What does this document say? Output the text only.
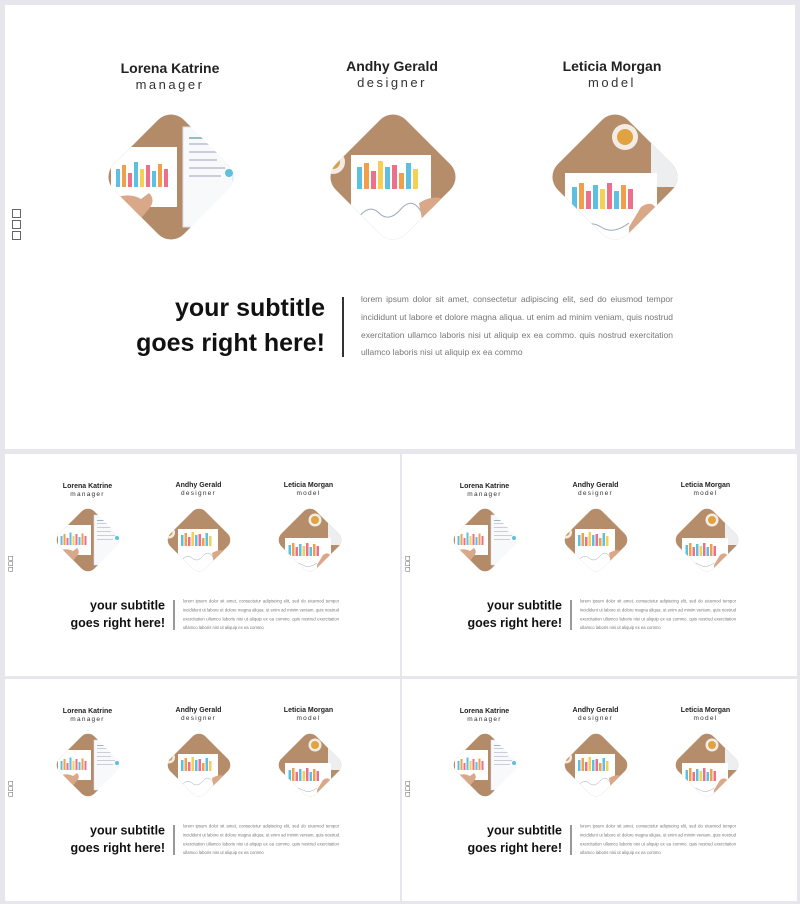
Lorena Katrine
manager
Andhy Gerald
designer
Leticia Morgan
model
your subtitle
goes right here!
lorem ipsum dolor sit amet, consectetur adipiscing elit, sed do eiusmod tempor incididunt ut labore et dolore magna aliqua. ut enim ad minim veniam, quis nostrud exercitation ullamco laboris nisi ut aliquip ex ea commo. quis nostrud exercitation ullamco laboris nisi ut aliquip ex ea commo
Lorena Katrine
manager
Andhy Gerald
designer
Leticia Morgan
model
your subtitle
goes right here!
lorem ipsum dolor sit amet, consectetur adipiscing elit, sed do eiusmod tempor incididunt ut labore et dolore magna aliqua. ut enim ad minim veniam, quis nostrud exercitation ullamco laboris nisi ut aliquip ex ea commo. quis nostrud exercitation ullamco laboris nisi ut aliquip ex ea commo
Lorena Katrine
manager
Andhy Gerald
designer
Leticia Morgan
model
your subtitle
goes right here!
lorem ipsum dolor sit amet, consectetur adipiscing elit, sed do eiusmod tempor incididunt ut labore et dolore magna aliqua. ut enim ad minim veniam, quis nostrud exercitation ullamco laboris nisi ut aliquip ex ea commo. quis nostrud exercitation ullamco laboris nisi ut aliquip ex ea commo
Lorena Katrine
manager
Andhy Gerald
designer
Leticia Morgan
model
your subtitle
goes right here!
lorem ipsum dolor sit amet, consectetur adipiscing elit, sed do eiusmod tempor incididunt ut labore et dolore magna aliqua. ut enim ad minim veniam, quis nostrud exercitation ullamco laboris nisi ut aliquip ex ea commo. quis nostrud exercitation ullamco laboris nisi ut aliquip ex ea commo
Lorena Katrine
manager
Andhy Gerald
designer
Leticia Morgan
model
your subtitle
goes right here!
lorem ipsum dolor sit amet, consectetur adipiscing elit, sed do eiusmod tempor incididunt ut labore et dolore magna aliqua. ut enim ad minim veniam, quis nostrud exercitation ullamco laboris nisi ut aliquip ex ea commo. quis nostrud exercitation ullamco laboris nisi ut aliquip ex ea commo
